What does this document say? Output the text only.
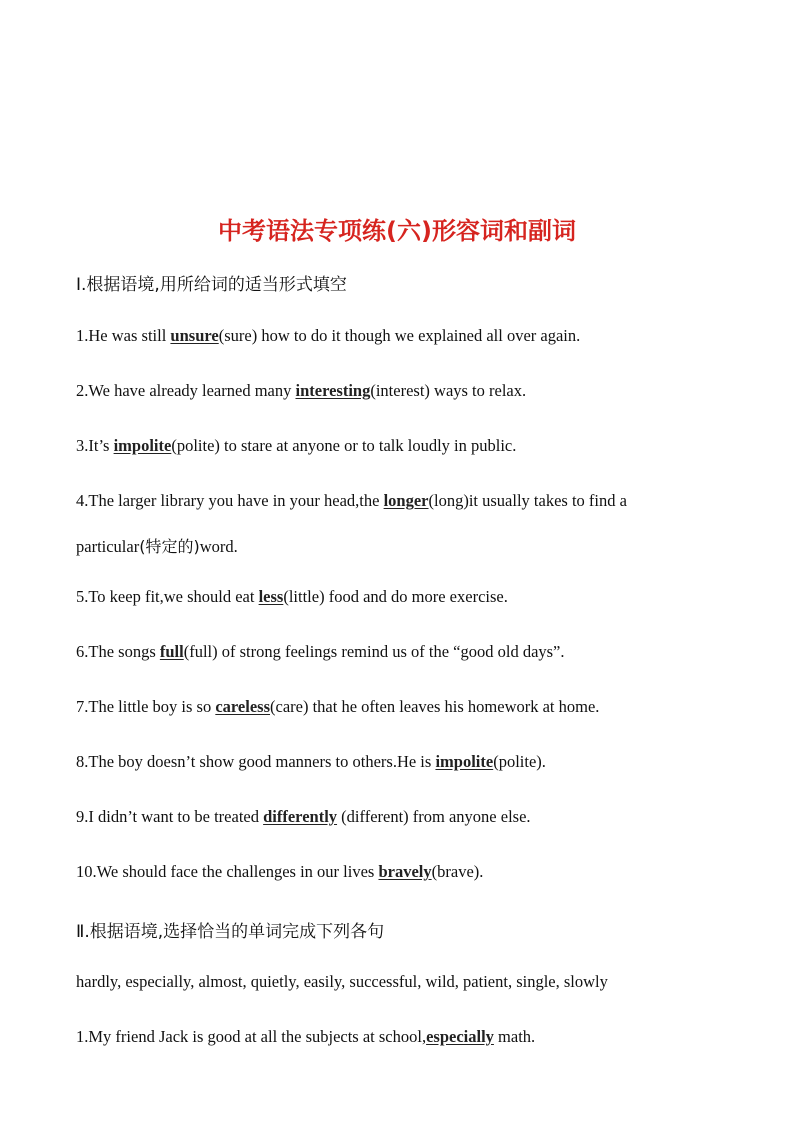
中考语法专项练(六)形容词和副词
Ⅰ.根据语境,用所给词的适当形式填空
1.He was still unsure(sure) how to do it though we explained all over again.
2.We have already learned many interesting(interest) ways to relax.
3.It’s impolite(polite) to stare at anyone or to talk loudly in public.
4.The larger library you have in your head,the longer(long)it usually takes to find a
particular(特定的)word.
5.To keep fit,we should eat less(little) food and do more exercise.
6.The songs full(full) of strong feelings remind us of the “good old days”.
7.The little boy is so careless(care) that he often leaves his homework at home.
8.The boy doesn’t show good manners to others.He is impolite(polite).
9.I didn’t want to be treated differently (different) from anyone else.
10.We should face the challenges in our lives bravely(brave).
Ⅱ.根据语境,选择恰当的单词完成下列各句
hardly, especially, almost, quietly, easily, successful, wild, patient, single, slowly
1.My friend Jack is good at all the subjects at school,especially math.
